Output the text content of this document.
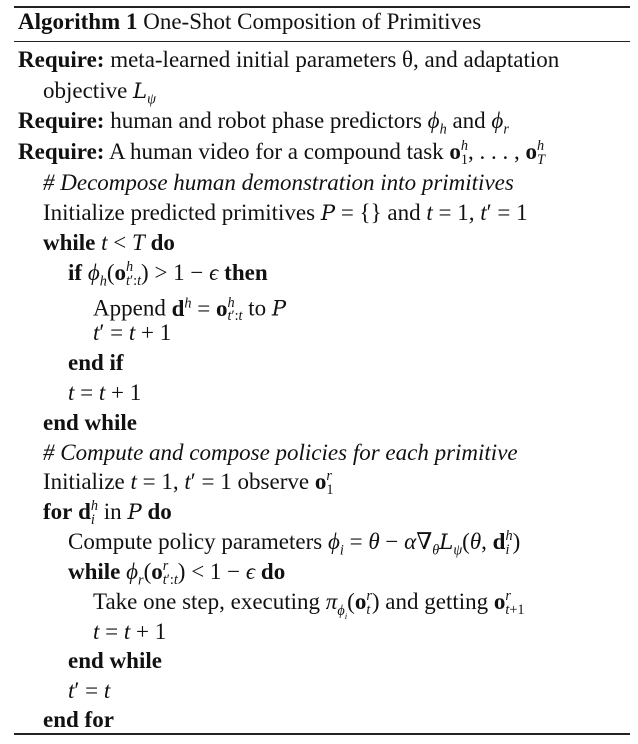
Algorithm 1 One-Shot Composition of Primitives
Require: meta-learned initial parameters θ, and adaptation
objective $L_\psi$
Require: human and robot phase predictors $\phi_h$ and $\phi_r$
Require: A human video for a compound task o h
1 , . . . , o h
T
# Decompose human demonstration into primitives
Initialize predicted primitives P = {} and t = 1, t′ = 1
while t < T do
if $\phi_h(o$ h
t′:t ) > 1 − ϵ then
Append $d^h = o$ h
t′:t to P
t′ = t + 1
end if
t = t + 1
end while
# Compute and compose policies for each primitive
Initialize t = 1, t′ = 1 observe o r
1
for d h
i in P do
Compute policy parameters $\phi_i = \theta - \alpha\nabla_\theta L_\psi(\theta$, d h
i )
while $\phi_r(o$ r
t′:t ) < 1 − ϵ do
Take one step, executing $\pi_{\phi_i}(o$ r
t ) and getting o r
t+1
t = t + 1
end while
t′ = t
end for
